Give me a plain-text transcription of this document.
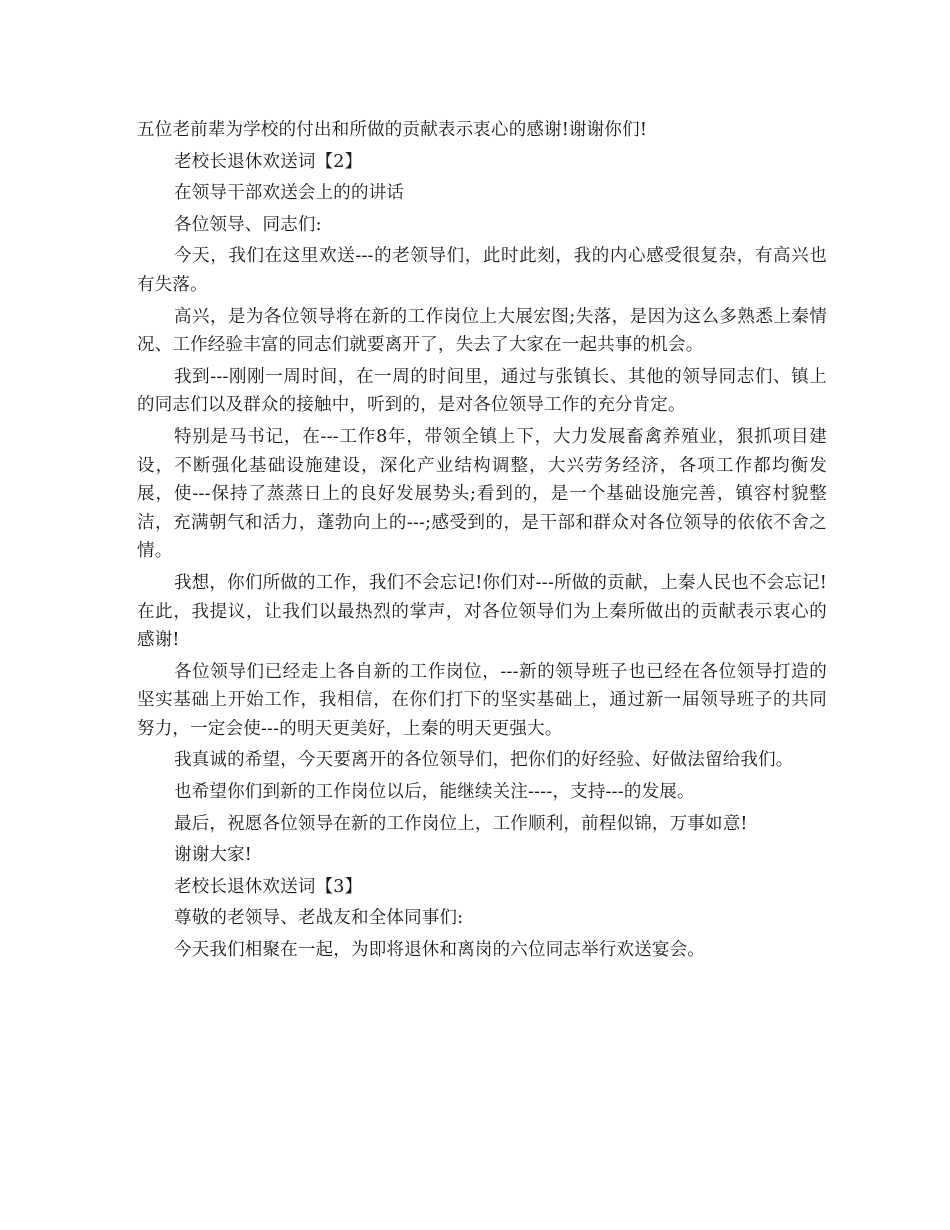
五位老前辈为学校的付出和所做的贡献表示衷心的感谢!谢谢你们!

老校长退休欢送词【2】

在领导干部欢送会上的的讲话

各位领导、同志们:

今天，我们在这里欢送---的老领导们，此时此刻，我的内心感受很复杂，有高兴也有失落。

高兴，是为各位领导将在新的工作岗位上大展宏图;失落，是因为这么多熟悉上秦情况、工作经验丰富的同志们就要离开了，失去了大家在一起共事的机会。

我到---刚刚一周时间，在一周的时间里，通过与张镇长、其他的领导同志们、镇上的同志们以及群众的接触中，听到的，是对各位领导工作的充分肯定。

特别是马书记，在---工作8年，带领全镇上下，大力发展畜禽养殖业，狠抓项目建设，不断强化基础设施建设，深化产业结构调整，大兴劳务经济，各项工作都均衡发展，使---保持了蒸蒸日上的良好发展势头;看到的，是一个基础设施完善，镇容村貌整洁，充满朝气和活力，蓬勃向上的---;感受到的，是干部和群众对各位领导的依依不舍之情。

我想，你们所做的工作，我们不会忘记!你们对---所做的贡献，上秦人民也不会忘记!在此，我提议，让我们以最热烈的掌声，对各位领导们为上秦所做出的贡献表示衷心的感谢!

各位领导们已经走上各自新的工作岗位，---新的领导班子也已经在各位领导打造的坚实基础上开始工作，我相信，在你们打下的坚实基础上，通过新一届领导班子的共同努力，一定会使---的明天更美好，上秦的明天更强大。

我真诚的希望，今天要离开的各位领导们，把你们的好经验、好做法留给我们。

也希望你们到新的工作岗位以后，能继续关注----，支持---的发展。

最后，祝愿各位领导在新的工作岗位上，工作顺利，前程似锦，万事如意!

谢谢大家!

老校长退休欢送词【3】

尊敬的老领导、老战友和全体同事们:

今天我们相聚在一起，为即将退休和离岗的六位同志举行欢送宴会。
